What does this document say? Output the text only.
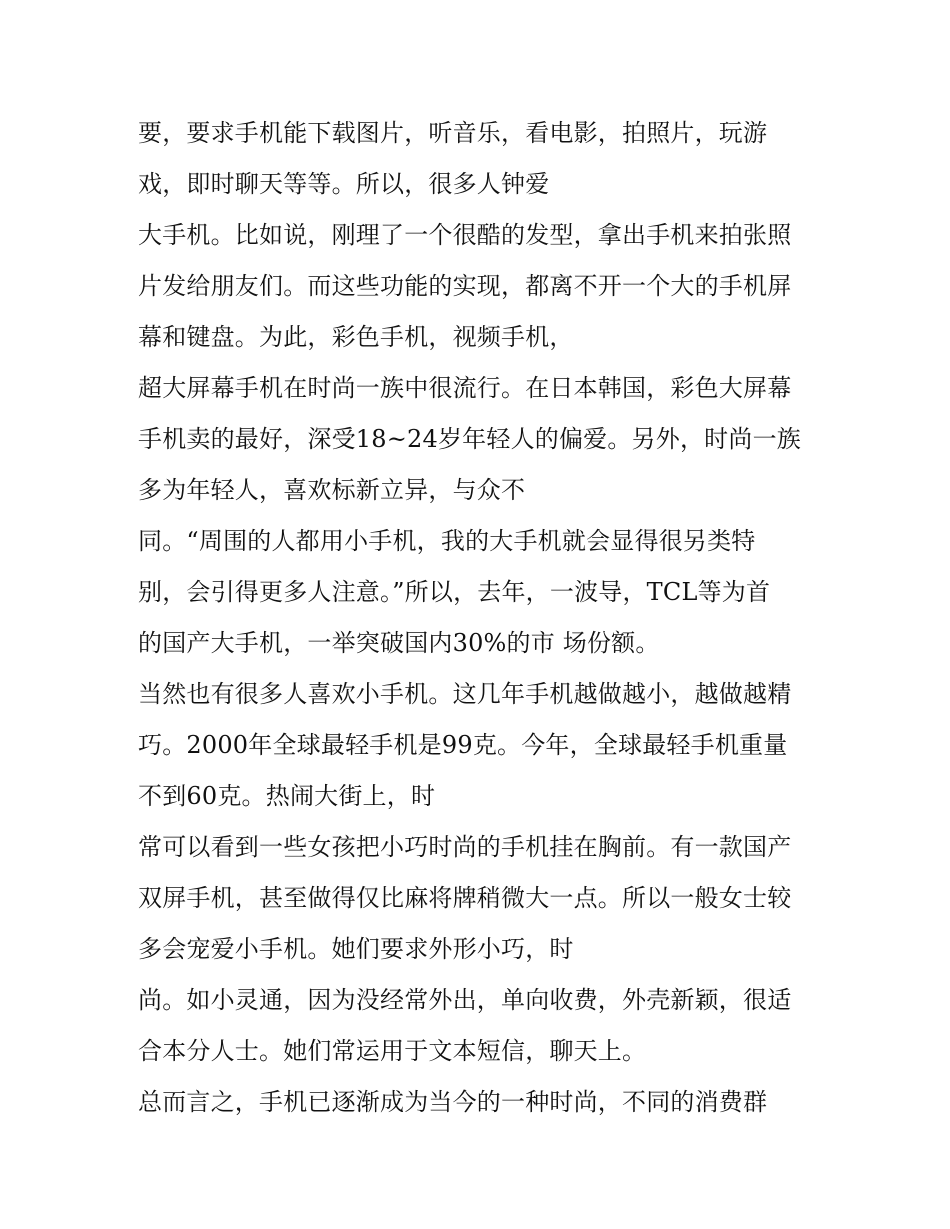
要，要求手机能下载图片，听音乐，看电影，拍照片，玩游
戏，即时聊天等等。所以，很多人钟爱
大手机。比如说，刚理了一个很酷的发型，拿出手机来拍张照
片发给朋友们。而这些功能的实现，都离不开一个大的手机屏
幕和键盘。为此，彩色手机，视频手机，
超大屏幕手机在时尚一族中很流行。在日本韩国，彩色大屏幕
手机卖的最好，深受18~24岁年轻人的偏爱。另外，时尚一族
多为年轻人，喜欢标新立异，与众不
同。“周围的人都用小手机，我的大手机就会显得很另类特
别，会引得更多人注意。”所以，去年，一波导，TCL等为首
的国产大手机，一举突破国内30%的市 场份额。
当然也有很多人喜欢小手机。这几年手机越做越小，越做越精
巧。2000年全球最轻手机是99克。今年，全球最轻手机重量
不到60克。热闹大街上，时
常可以看到一些女孩把小巧时尚的手机挂在胸前。有一款国产
双屏手机，甚至做得仅比麻将牌稍微大一点。所以一般女士较
多会宠爱小手机。她们要求外形小巧，时
尚。如小灵通，因为没经常外出，单向收费，外壳新颖，很适
合本分人士。她们常运用于文本短信，聊天上。
总而言之，手机已逐渐成为当今的一种时尚，不同的消费群
